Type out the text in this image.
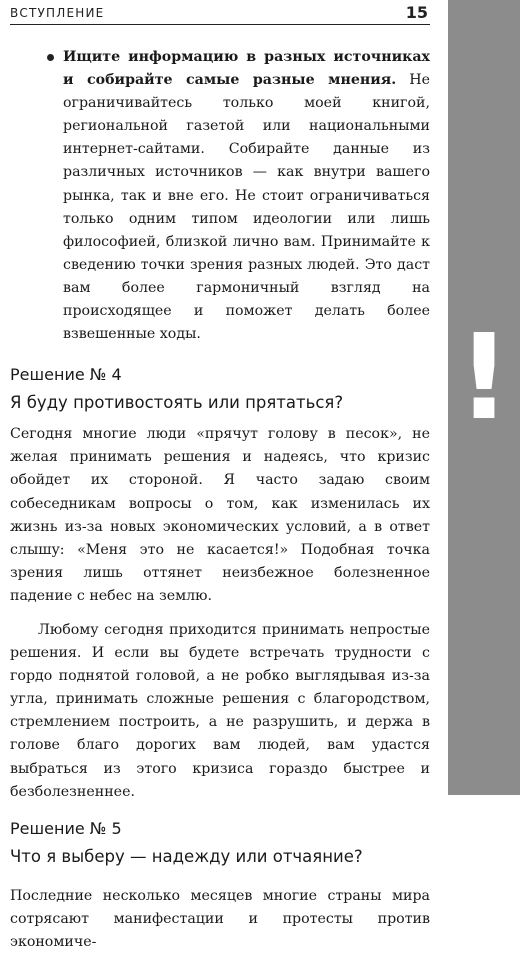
ВСТУПЛЕНИЕ	15
!
Ищите информацию в разных источниках и собирайте самые разные мнения. Не ограничивайтесь только моей книгой, региональной газетой или национальными интернет-сайтами. Собирайте данные из различных источников — как внутри вашего рынка, так и вне его. Не стоит ограничиваться только одним типом идеологии или лишь философией, близкой лично вам. Принимайте к сведению точки зрения разных людей. Это даст вам более гармоничный взгляд на происходящее и поможет делать более взвешенные ходы.
Решение № 4
Я буду противостоять или прятаться?

Сегодня многие люди «прячут голову в песок», не желая принимать решения и надеясь, что кризис обойдет их стороной. Я часто задаю своим собеседникам вопросы о том, как изменилась их жизнь из-за новых экономических условий, а в ответ слышу: «Меня это не касается!» Подобная точка зрения лишь оттянет неизбежное болезненное падение с небес на землю.

Любому сегодня приходится принимать непростые решения. И если вы будете встречать трудности с гордо поднятой головой, а не робко выглядывая из-за угла, принимать сложные решения с благородством, стремлением построить, а не разрушить, и держа в голове благо дорогих вам людей, вам удастся выбраться из этого кризиса гораздо быстрее и безболезненнее.

Решение № 5
Что я выберу — надежду или отчаяние?

Последние несколько месяцев многие страны мира сотрясают манифестации и протесты против экономиче-
